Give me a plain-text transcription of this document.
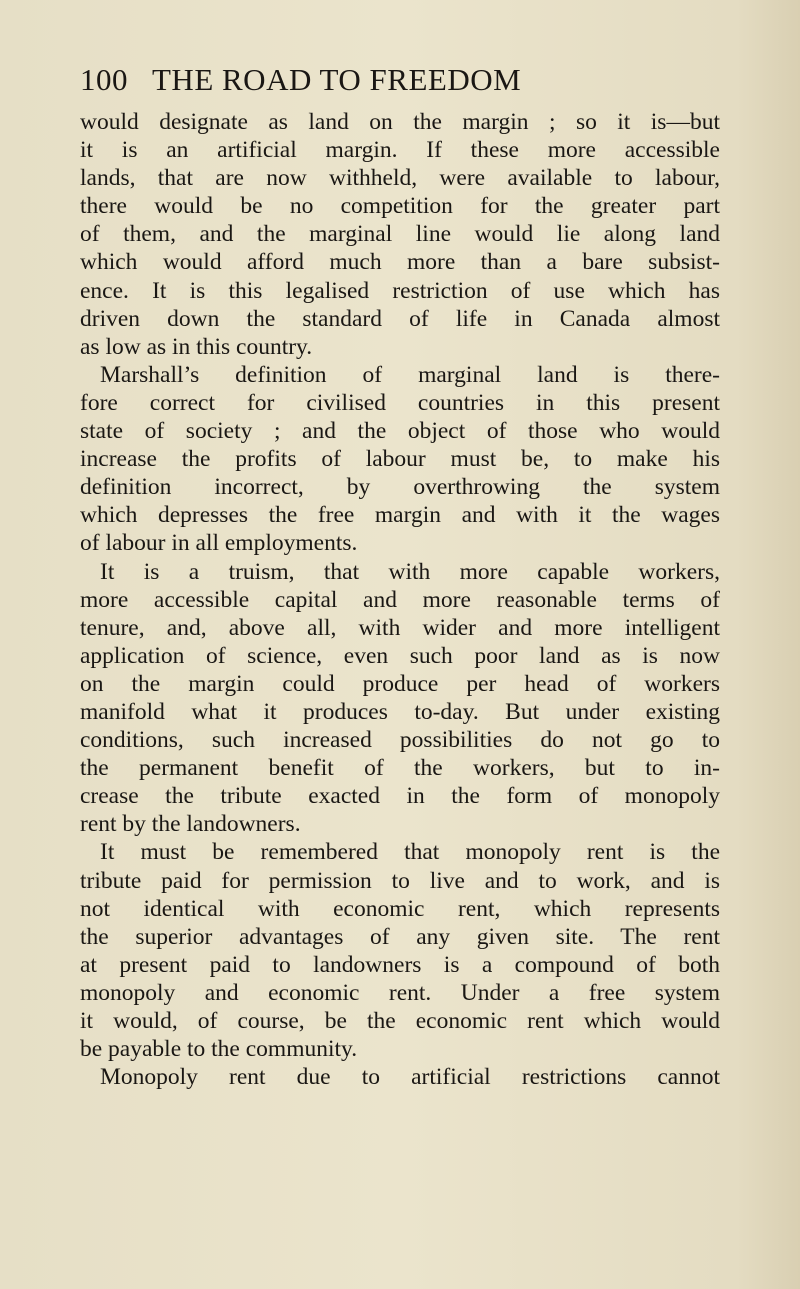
100 THE ROAD TO FREEDOM
would designate as land on the margin ; so it is—but
it is an artificial margin. If these more accessible
lands, that are now withheld, were available to labour,
there would be no competition for the greater part
of them, and the marginal line would lie along land
which would afford much more than a bare subsist-
ence. It is this legalised restriction of use which has
driven down the standard of life in Canada almost
as low as in this country.
Marshall’s definition of marginal land is there-
fore correct for civilised countries in this present
state of society ; and the object of those who would
increase the profits of labour must be, to make his
definition incorrect, by overthrowing the system
which depresses the free margin and with it the wages
of labour in all employments.
It is a truism, that with more capable workers,
more accessible capital and more reasonable terms of
tenure, and, above all, with wider and more intelligent
application of science, even such poor land as is now
on the margin could produce per head of workers
manifold what it produces to-day. But under existing
conditions, such increased possibilities do not go to
the permanent benefit of the workers, but to in-
crease the tribute exacted in the form of monopoly
rent by the landowners.
It must be remembered that monopoly rent is the
tribute paid for permission to live and to work, and is
not identical with economic rent, which represents
the superior advantages of any given site. The rent
at present paid to landowners is a compound of both
monopoly and economic rent. Under a free system
it would, of course, be the economic rent which would
be payable to the community.
Monopoly rent due to artificial restrictions cannot
